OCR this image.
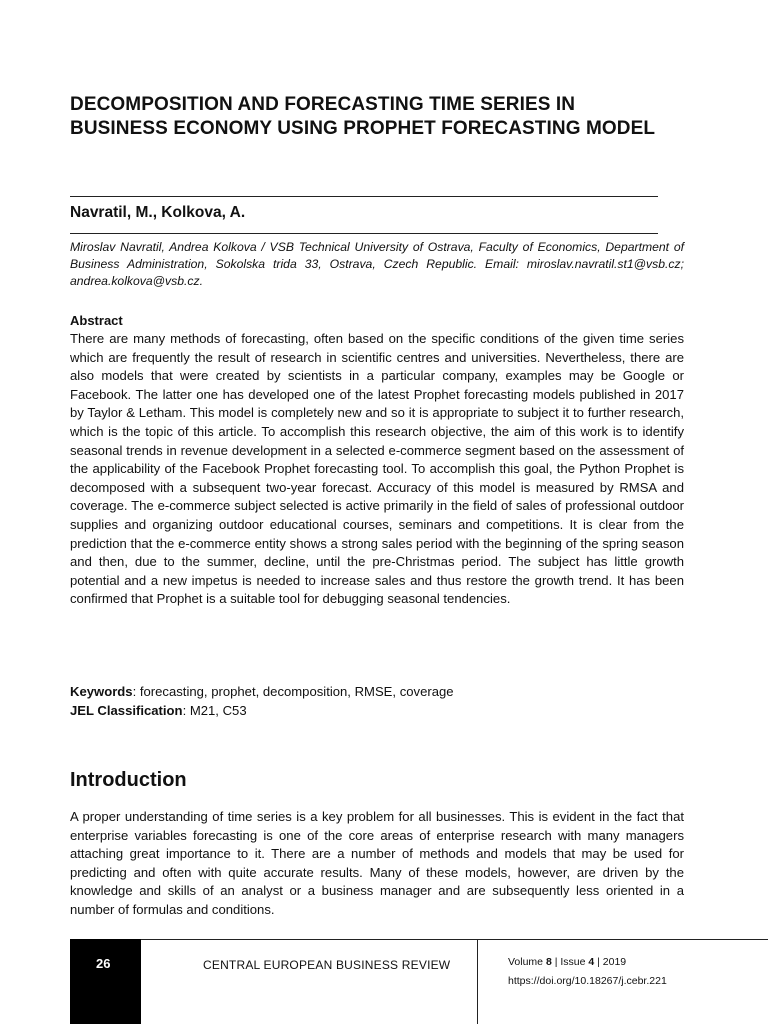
DECOMPOSITION AND FORECASTING TIME SERIES IN BUSINESS ECONOMY USING PROPHET FORECASTING MODEL

Navratil, M., Kolkova, A.

Miroslav Navratil, Andrea Kolkova / VSB Technical University of Ostrava, Faculty of Economics, Department of Business Administration, Sokolska trida 33, Ostrava, Czech Republic. Email: miroslav.navratil.st1@vsb.cz; andrea.kolkova@vsb.cz.

Abstract

There are many methods of forecasting, often based on the specific conditions of the given time series which are frequently the result of research in scientific centres and universities. Nevertheless, there are also models that were created by scientists in a particular company, examples may be Google or Facebook. The latter one has developed one of the latest Prophet forecasting models published in 2017 by Taylor & Letham. This model is completely new and so it is appropriate to subject it to further research, which is the topic of this article. To accomplish this research objective, the aim of this work is to identify seasonal trends in revenue development in a selected e-commerce segment based on the assessment of the applicability of the Facebook Prophet forecasting tool. To accomplish this goal, the Python Prophet is decomposed with a subsequent two-year forecast. Accuracy of this model is measured by RMSA and coverage. The e-commerce subject selected is active primarily in the field of sales of professional outdoor supplies and organizing outdoor educational courses, seminars and competitions. It is clear from the prediction that the e-commerce entity shows a strong sales period with the beginning of the spring season and then, due to the summer, decline, until the pre-Christmas period. The subject has little growth potential and a new impetus is needed to increase sales and thus restore the growth trend. It has been confirmed that Prophet is a suitable tool for debugging seasonal tendencies.

Keywords: forecasting, prophet, decomposition, RMSE, coverage
JEL Classification: M21, C53
Introduction

A proper understanding of time series is a key problem for all businesses. This is evident in the fact that enterprise variables forecasting is one of the core areas of enterprise research with many managers attaching great importance to it. There are a number of methods and models that may be used for predicting and often with quite accurate results. Many of these models, however, are driven by the knowledge and skills of an analyst or a business manager and are subsequently less oriented in a number of formulas and conditions.

26	CENTRAL EUROPEAN BUSINESS REVIEW	Volume 8 | Issue 4 | 2019
https://doi.org/10.18267/j.cebr.221
